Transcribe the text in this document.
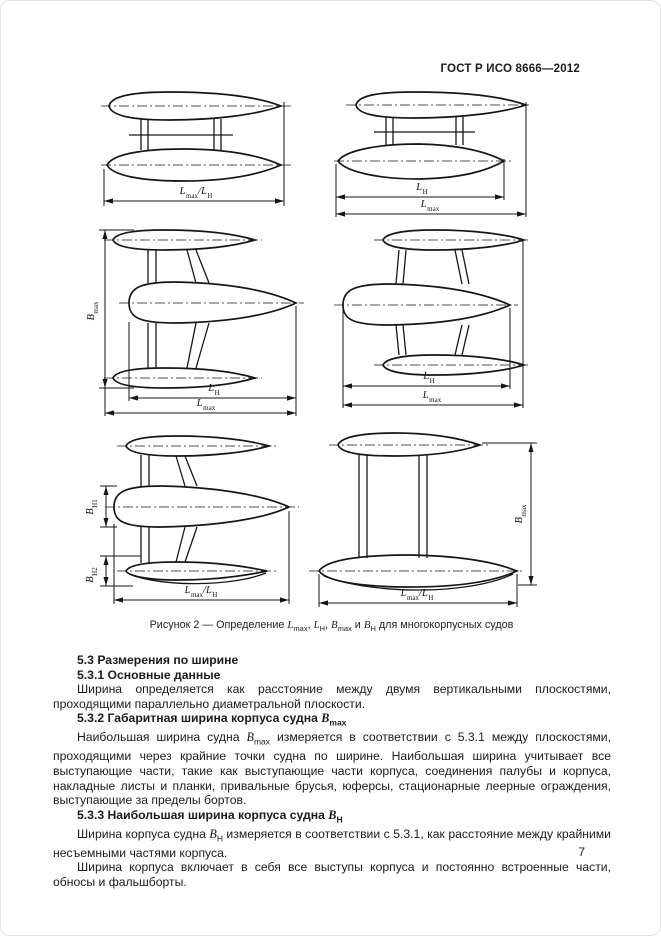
ГОСТ Р ИСО 8666—2012
$L_{max}/L_Н$
$L_Н$
$L_{max}$
$B_{max}$
$L_Н$
$L_{max}$
$L_Н$
$L_{max}$
$B_{Н1}$
$B_{Н2}$
$L_{max}/L_Н$
$B_{max}$
$L_{max}/L_Н$
Рисунок 2 — Определение $L_{max}$, $L_Н$, $B_{max}$ и $B_Н$ для многокорпусных судов

5.3 Размерения по ширине

5.3.1 Основные данные

Ширина определяется как расстояние между двумя вертикальными плоскостями, проходящими параллельно диаметральной плоскости.

5.3.2 Габаритная ширина корпуса судна $B_{max}$

Наибольшая ширина судна $B_{max}$ измеряется в соответствии с 5.3.1 между плоскостями, проходящими через крайние точки судна по ширине. Наибольшая ширина учитывает все выступающие части, такие как выступающие части корпуса, соединения палубы и корпуса, накладные листы и планки, привальные брусья, юферсы, стационарные леерные ограждения, выступающие за пределы бортов.

5.3.3 Наибольшая ширина корпуса судна $B_Н$

Ширина корпуса судна $B_Н$ измеряется в соответствии с 5.3.1, как расстояние между крайними несъемными частями корпуса.

Ширина корпуса включает в себя все выступы корпуса и постоянно встроенные части, обносы и фальшборты.

7
